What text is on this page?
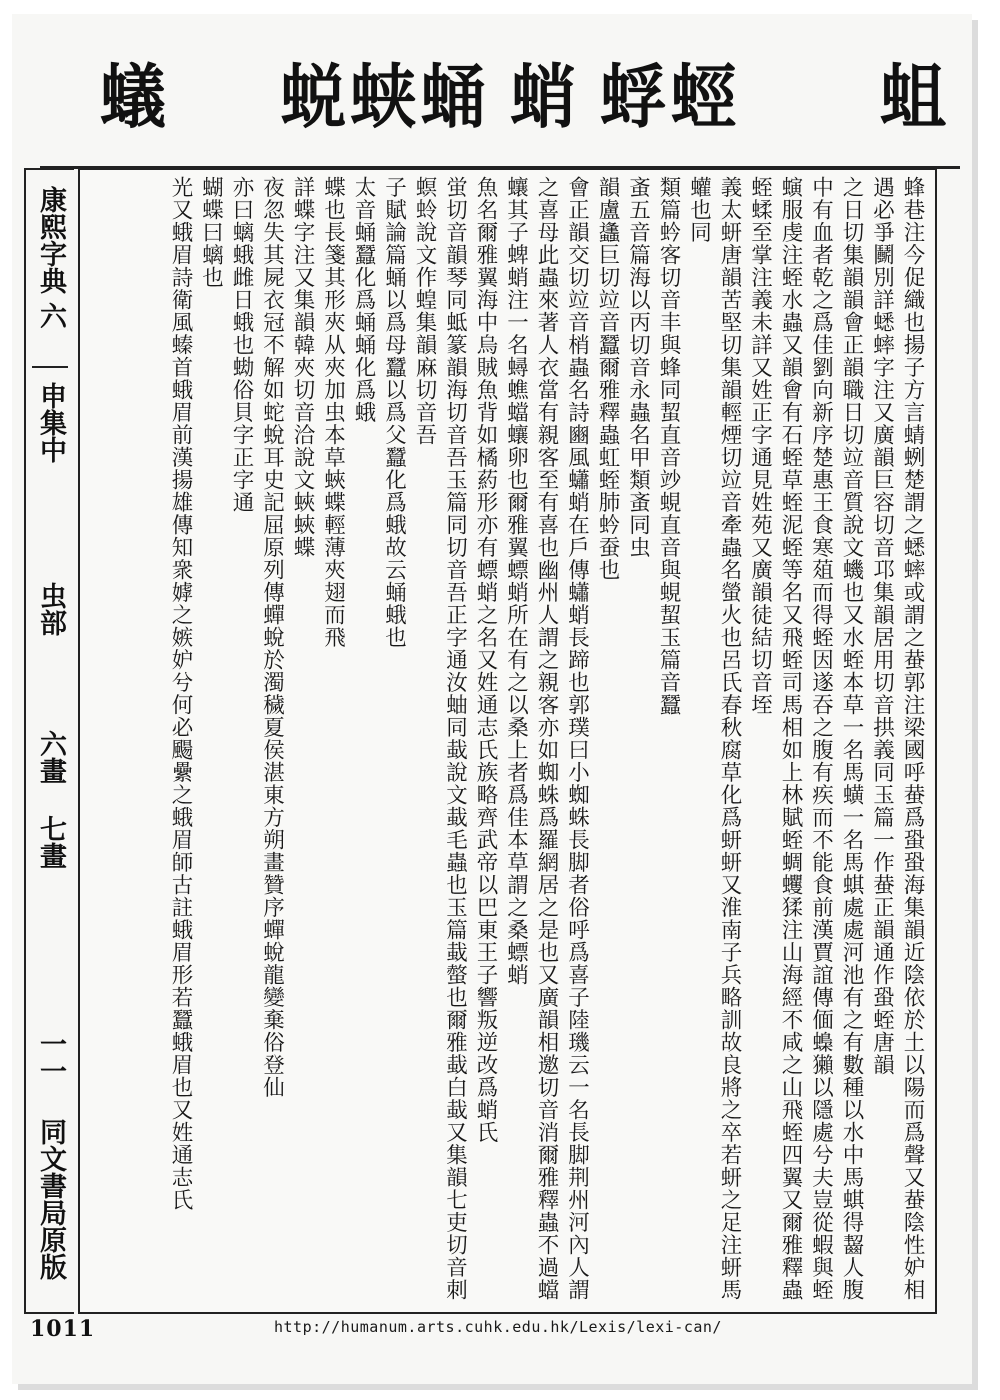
蟻 蜕蛱蛹 蛸 蜉蛵 蛆
康熙字典
六
申集中
虫部
六畫 七畫
一一
同文書局原版	蜂巷注今促織也揚子方言蜻蛚楚謂之蟋蟀或謂之蛬郭注梁國呼蛬爲蛩蛩海集韻近陰依於土以陽而爲聲又蛬陰性妒相遇必爭鬭別詳蟋蟀字注又廣韻巨容切音邛集韻居用切音拱義同玉篇一作蛬正韻通作蛩蛭唐韻

之日切集韻韻會正韻職日切竝音質說文蟣也又水蛭本草一名馬蟥一名馬蜞處處河池有之有數種以水中馬蜞得齧人腹中有血者乾之爲佳劉向新序楚惠王食寒葅而得蛭因遂吞之腹有疾而不能食前漢賈誼傳偭蟂獺以隱處兮夫豈從蝦與蛭螾服虔注蛭水蟲又韻會有石蛭草蛭泥蛭等名又飛蛭司馬相如上林賦蛭蜩蠼猱注山海經不咸之山飛蛭四翼又爾雅釋蟲蛭蝚至掌注義未詳又姓正字通見姓苑又廣韻徒結切音垤

義太蚈唐韻苦堅切集韻輕煙切竝音牽蟲名螢火也呂氏春秋腐草化爲蚈蚈又淮南子兵略訓故良將之卒若蚈之足注蚈馬蠸也同

類篇蚙客切音丰與蜂同蛪直音竗蜆直音與蜆蛪玉篇音蠶

蚉五音篇海以丙切音永蟲名甲類蚉同虫

韻盧蠭巨切竝音蠶爾雅釋蟲虹蛭肺蚙蚕也

會正韻交切竝音梢蟲名詩豳風蠨蛸在戶傳蠨蛸長蹄也郭璞曰小蜘蛛長脚者俗呼爲喜子陸璣云一名長脚荆州河內人謂之喜母此蟲來著人衣當有親客至有喜也幽州人謂之親客亦如蜘蛛爲羅網居之是也又廣韻相邀切音消爾雅釋蟲不過蟷蠰其子蜱蛸注一名蟳蟭蟷蠰卵也爾雅翼螵蛸所在有之以桑上者爲佳本草謂之桑螵蛸

魚名爾雅翼海中烏賊魚背如橘葯形亦有螵蛸之名又姓通志氏族略齊武帝以巴東王子響叛逆改爲蛸氏

蛍切音韻琴同蚳篆韻海切音吾玉篇同切音吾正字通汝蚰同蛓說文蛓毛蟲也玉篇蛓螫也爾雅蛓白蛓又集韻七吏切音刺

螟蛉說文作蝗集韻麻切音吾

子賦論篇蛹以爲母蠶以爲父蠶化爲蛾故云蛹蛾也

太音蛹蠶化爲蛹蛹化爲蛾

蝶也長箋其形夾从夾加虫本草蛺蝶輕薄夾翅而飛

詳蝶字注又集韻韓夾切音洽說文蛺蛺蝶

夜忽失其屍衣冠不解如蛇蛻耳史記屈原列傳蟬蛻於濁穢夏侯湛東方朔畫贊序蟬蛻龍變棄俗登仙

亦曰螭蛾雌日蛾也蜐俗貝字正字通

蝴蝶曰螭也

光又蛾眉詩衛風螓首蛾眉前漢揚雄傳知衆嫭之嫉妒兮何必颺纍之蛾眉師古註蛾眉形若蠶蛾眉也又姓通志氏

1011	http://humanum.arts.cuhk.edu.hk/Lexis/lexi-can/
